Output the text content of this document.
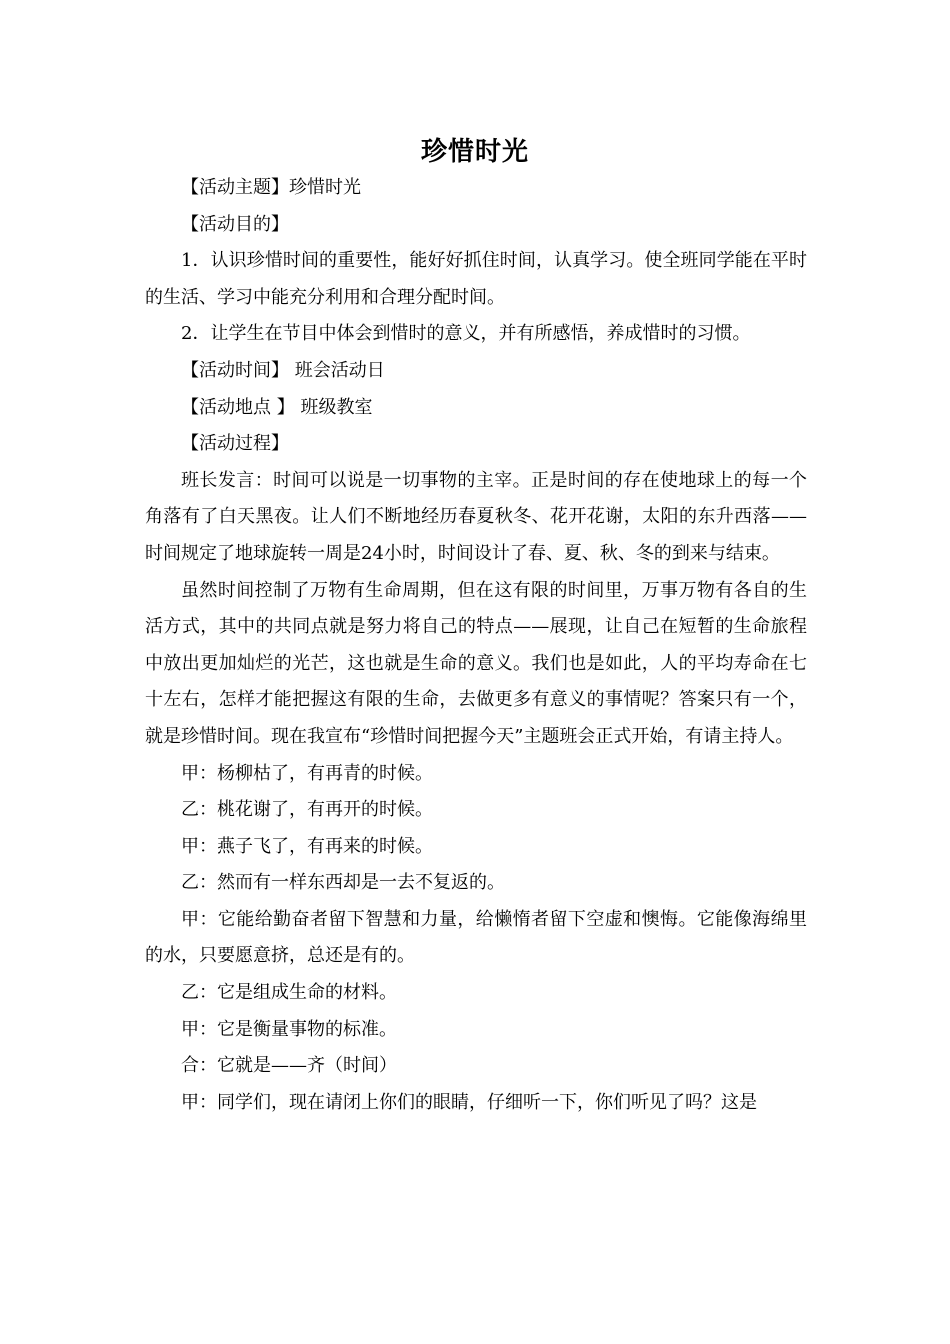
珍惜时光

【活动主题】珍惜时光

【活动目的】

1．认识珍惜时间的重要性，能好好抓住时间，认真学习。使全班同学能在平时的生活、学习中能充分利用和合理分配时间。

2．让学生在节目中体会到惜时的意义，并有所感悟，养成惜时的习惯。

【活动时间】 班会活动日

【活动地点 】 班级教室

【活动过程】

班长发言：时间可以说是一切事物的主宰。正是时间的存在使地球上的每一个角落有了白天黑夜。让人们不断地经历春夏秋冬、花开花谢，太阳的东升西落——时间规定了地球旋转一周是24小时，时间设计了春、夏、秋、冬的到来与结束。

虽然时间控制了万物有生命周期，但在这有限的时间里，万事万物有各自的生活方式，其中的共同点就是努力将自己的特点——展现，让自己在短暂的生命旅程中放出更加灿烂的光芒，这也就是生命的意义。我们也是如此，人的平均寿命在七十左右，怎样才能把握这有限的生命，去做更多有意义的事情呢？答案只有一个，就是珍惜时间。现在我宣布“珍惜时间把握今天”主题班会正式开始，有请主持人。

甲：杨柳枯了，有再青的时候。

乙：桃花谢了，有再开的时候。

甲：燕子飞了，有再来的时候。

乙：然而有一样东西却是一去不复返的。

甲：它能给勤奋者留下智慧和力量，给懒惰者留下空虚和懊悔。它能像海绵里的水，只要愿意挤，总还是有的。

乙：它是组成生命的材料。

甲：它是衡量事物的标准。

合：它就是——齐（时间）

甲：同学们，现在请闭上你们的眼睛，仔细听一下，你们听见了吗？这是
